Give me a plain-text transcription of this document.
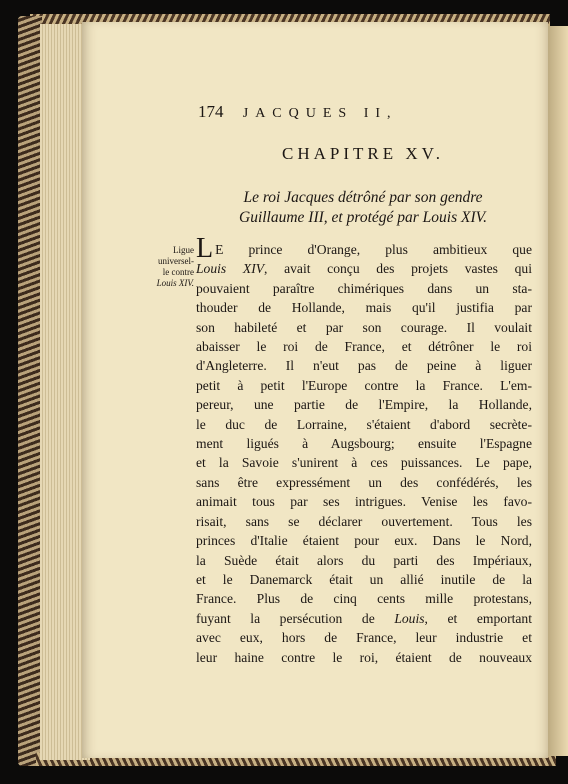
174 JACQUES II,
CHAPITRE XV.
Le roi Jacques détrôné par son gendre
Guillaume III, et protégé par Louis XIV.
Ligue
universel-
le contre
Louis XIV.
L E prince d'Orange, plus ambitieux que
Louis XIV, avait conçu des projets vastes qui
pouvaient paraître chimériques dans un sta-
thouder de Hollande, mais qu'il justifia par
son habileté et par son courage. Il voulait
abaisser le roi de France, et détrôner le roi
d'Angleterre. Il n'eut pas de peine à liguer
petit à petit l'Europe contre la France. L'em-
pereur, une partie de l'Empire, la Hollande,
le duc de Lorraine, s'étaient d'abord secrète-
ment ligués à Augsbourg; ensuite l'Espagne
et la Savoie s'unirent à ces puissances. Le pape,
sans être expressément un des confédérés, les
animait tous par ses intrigues. Venise les favo-
risait, sans se déclarer ouvertement. Tous les
princes d'Italie étaient pour eux. Dans le Nord,
la Suède était alors du parti des Impériaux,
et le Danemarck était un allié inutile de la
France. Plus de cinq cents mille protestans,
fuyant la persécution de Louis, et emportant
avec eux, hors de France, leur industrie et
leur haine contre le roi, étaient de nouveaux
